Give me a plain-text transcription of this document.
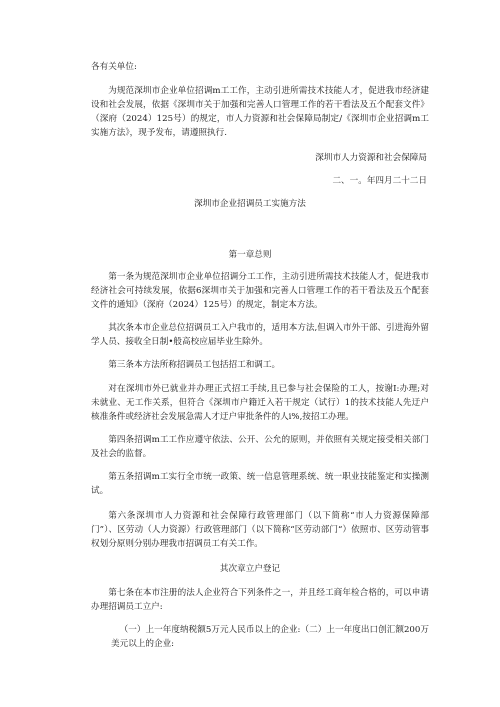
各有关单位:

为规范深圳市企业单位招调m工工作，主动引进所需技术技能人才，促进我市经济建设和社会发展，依据《深圳市关于加强和完善人口管理工作的若干看法及五个配套文件》（深府（2024）125号）的规定，市人力资源和社会保障局制定/《深圳市企业招调m工实施方法》，现予发布，请遵照执行.

深圳市人力资源和社会保障局

二、一。年四月二十二日

深圳市企业招调员工实施方法

第一章总则

第一条为规范深圳市企业单位招调分工工作，主动引进所需技术技能人才，促进我市经济社会可持续发展，依据6深圳市关于加强和完善人口管理工作的若干看法及五个配套文件的通知》（深府（2024）125号）的规定，制定本方法。

其次条本市企业总位招调员工入户我市的，适用本方法,但调入市外干部、引进海外留学人员、接收全日制•般高校应届毕业生除外。

第三条本方法所称招调员工包括招工和调工。

对在深圳市外已就业并办理正式招工手续,且已参与社会保险的工人，按谢I:办理;对未就业、无工作关系，但符合《深圳市户籍迁入若干规定（试行）1的技术技能人先迂户核准条件或经济社会发展急需人才迂户审批条件的人i%,按招工办理。

第四条招调m工工作应遵守依法、公开、公允的原则，并依照有关规定接受相关部门及社会的监督。

第五条招调m工实行全市统一政策、统一信息管理系统、统一职业技能鉴定和实操测试。

第六条深圳市人力资源和社会保障行政管理部门（以下简称“市人力资源保障部门”）、区劳动（人力资源）行政管理部门（以下简称“区劳动部门“）依照市、区劳动管事权划分原则分别办理我市招调员工有关工作。

其次章立户登记

第七条在本市注册的法人企业符合下列条件之一，并且经工商年检合格的，可以申请办理招调员工立户:

（一）上一年度纳税额5万元人民币以上的企业:（二）上一年度出口创汇额200万美元以上的企业:
